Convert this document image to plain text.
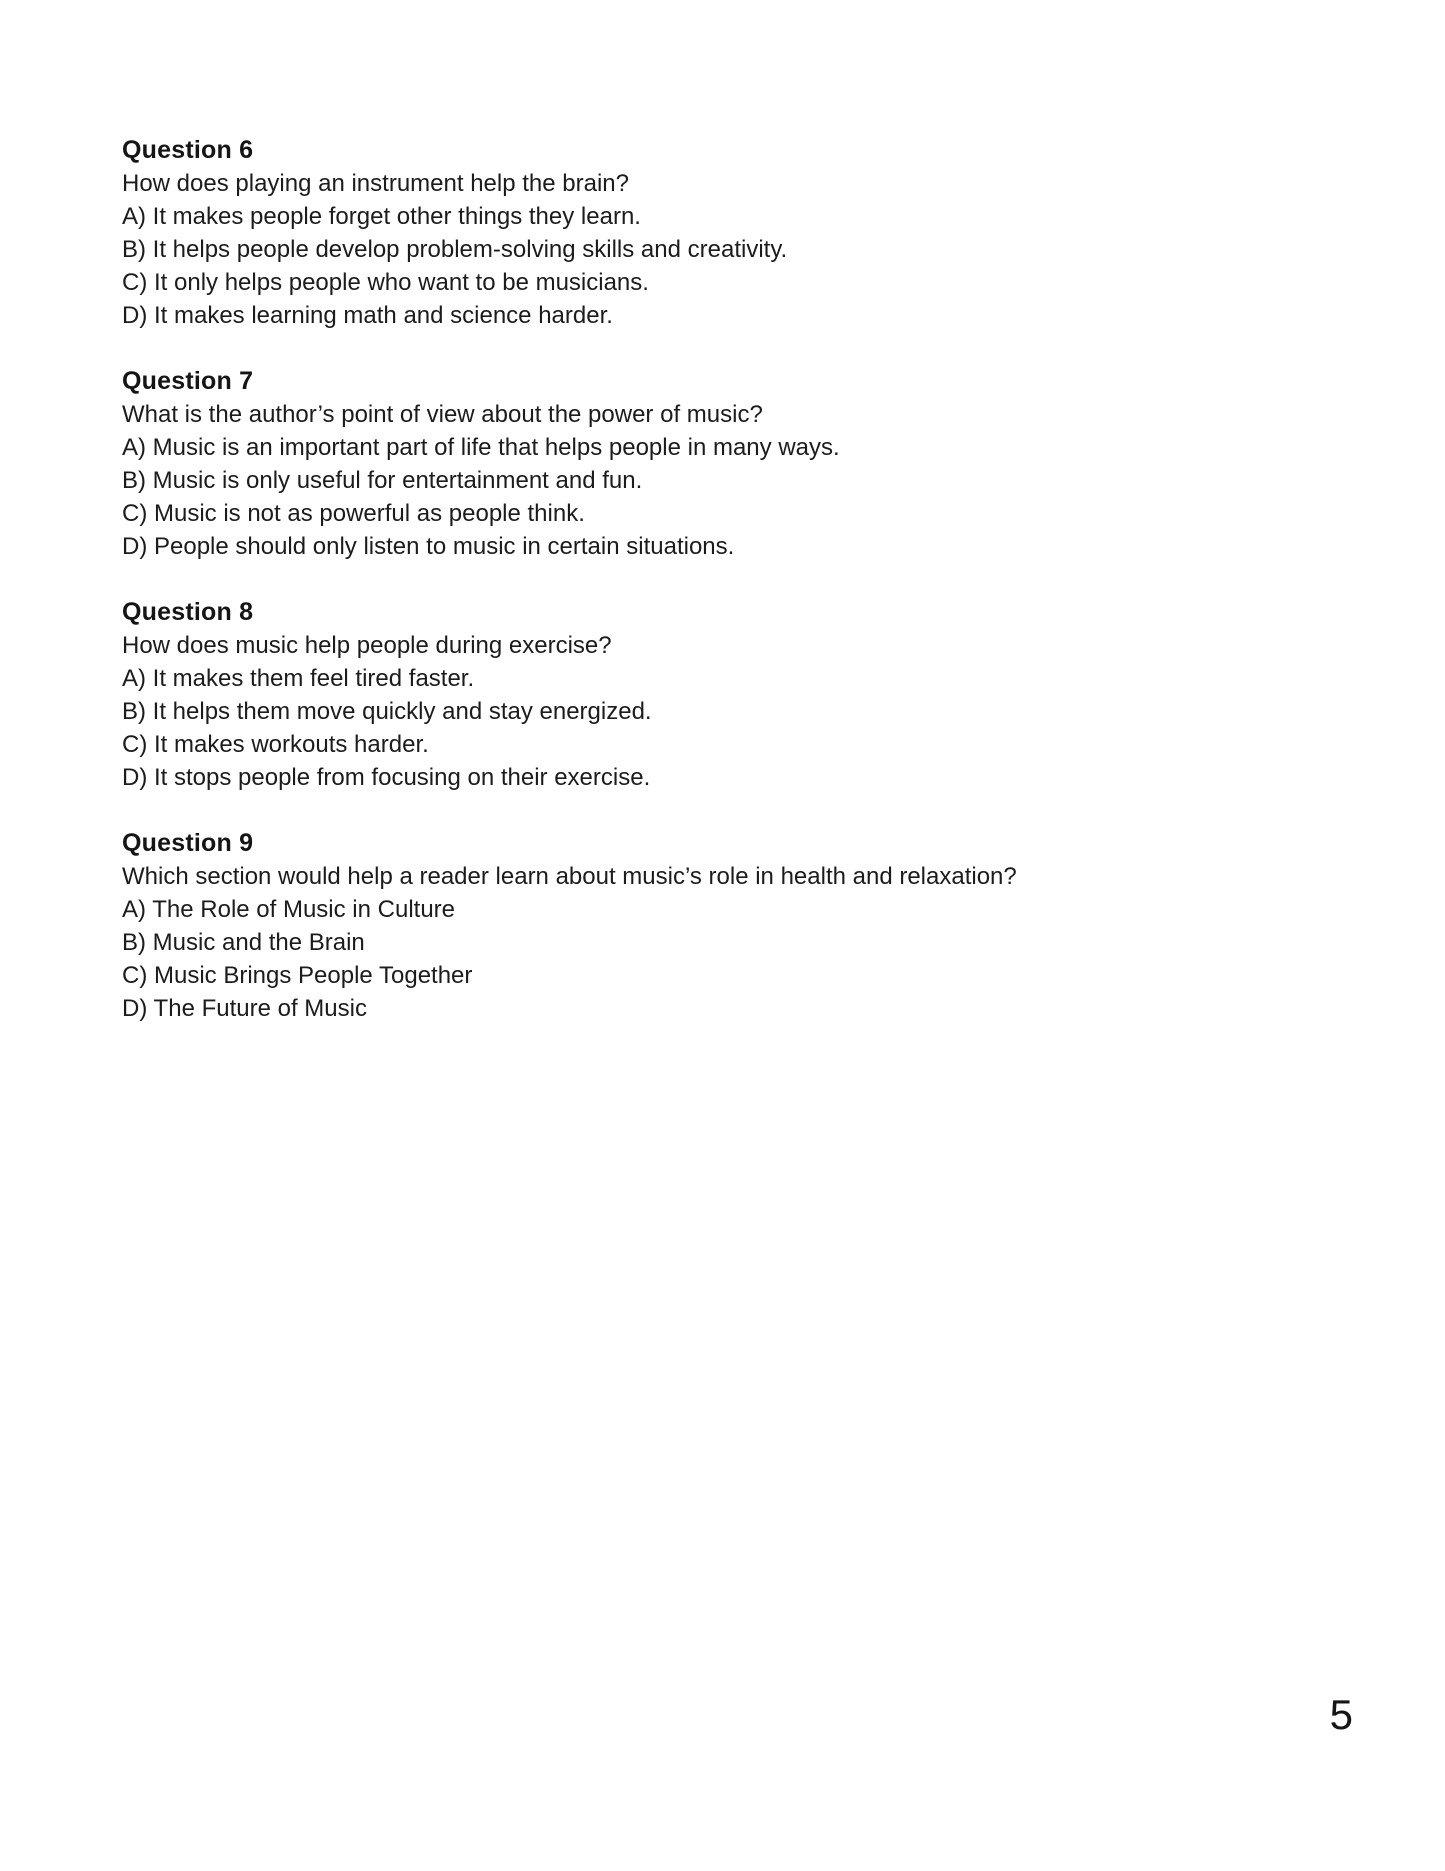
Question 6

How does playing an instrument help the brain?

A) It makes people forget other things they learn.

B) It helps people develop problem-solving skills and creativity.

C) It only helps people who want to be musicians.

D) It makes learning math and science harder.

Question 7

What is the author’s point of view about the power of music?

A) Music is an important part of life that helps people in many ways.

B) Music is only useful for entertainment and fun.

C) Music is not as powerful as people think.

D) People should only listen to music in certain situations.

Question 8

How does music help people during exercise?

A) It makes them feel tired faster.

B) It helps them move quickly and stay energized.

C) It makes workouts harder.

D) It stops people from focusing on their exercise.

Question 9

Which section would help a reader learn about music’s role in health and relaxation?

A) The Role of Music in Culture

B) Music and the Brain

C) Music Brings People Together

D) The Future of Music

5
